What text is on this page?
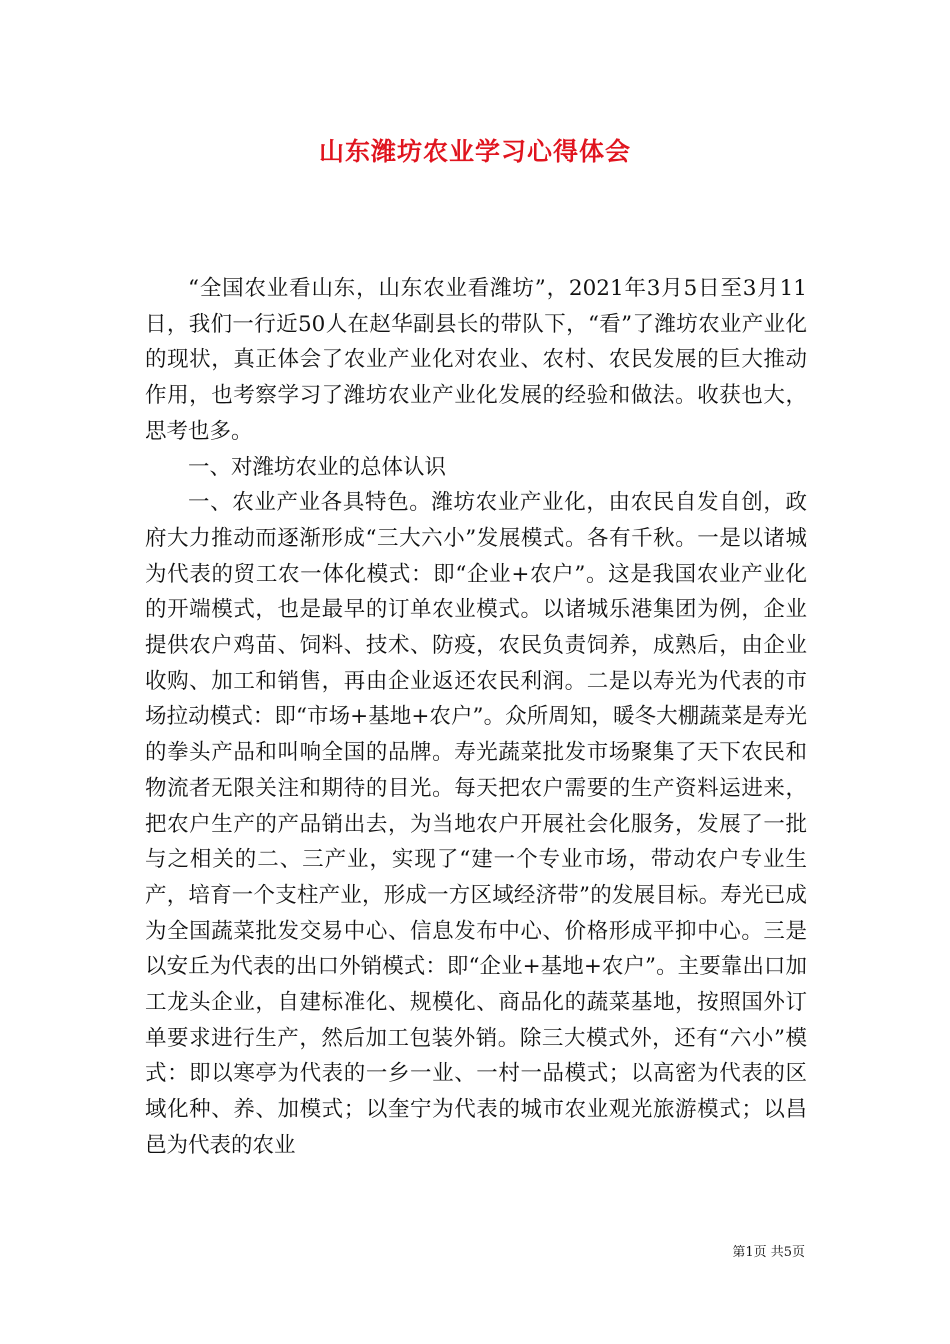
山东潍坊农业学习心得体会

“全国农业看山东，山东农业看潍坊”，2021年3月5日至3月11日，我们一行近50人在赵华副县长的带队下，“看”了潍坊农业产业化的现状，真正体会了农业产业化对农业、农村、农民发展的巨大推动作用，也考察学习了潍坊农业产业化发展的经验和做法。收获也大，思考也多。

一、对潍坊农业的总体认识

一、农业产业各具特色。潍坊农业产业化，由农民自发自创，政府大力推动而逐渐形成“三大六小”发展模式。各有千秋。一是以诸城为代表的贸工农一体化模式：即“企业+农户”。这是我国农业产业化的开端模式，也是最早的订单农业模式。以诸城乐港集团为例，企业提供农户鸡苗、饲料、技术、防疫，农民负责饲养，成熟后，由企业收购、加工和销售，再由企业返还农民利润。二是以寿光为代表的市场拉动模式：即“市场+基地+农户”。众所周知，暖冬大棚蔬菜是寿光的拳头产品和叫响全国的品牌。寿光蔬菜批发市场聚集了天下农民和物流者无限关注和期待的目光。每天把农户需要的生产资料运进来，把农户生产的产品销出去，为当地农户开展社会化服务，发展了一批与之相关的二、三产业，实现了“建一个专业市场，带动农户专业生产，培育一个支柱产业，形成一方区域经济带”的发展目标。寿光已成为全国蔬菜批发交易中心、信息发布中心、价格形成平抑中心。三是以安丘为代表的出口外销模式：即“企业+基地+农户”。主要靠出口加工龙头企业，自建标准化、规模化、商品化的蔬菜基地，按照国外订单要求进行生产，然后加工包装外销。除三大模式外，还有“六小”模式：即以寒亭为代表的一乡一业、一村一品模式；以高密为代表的区域化种、养、加模式；以奎宁为代表的城市农业观光旅游模式；以昌邑为代表的农业

第1页 共5页
